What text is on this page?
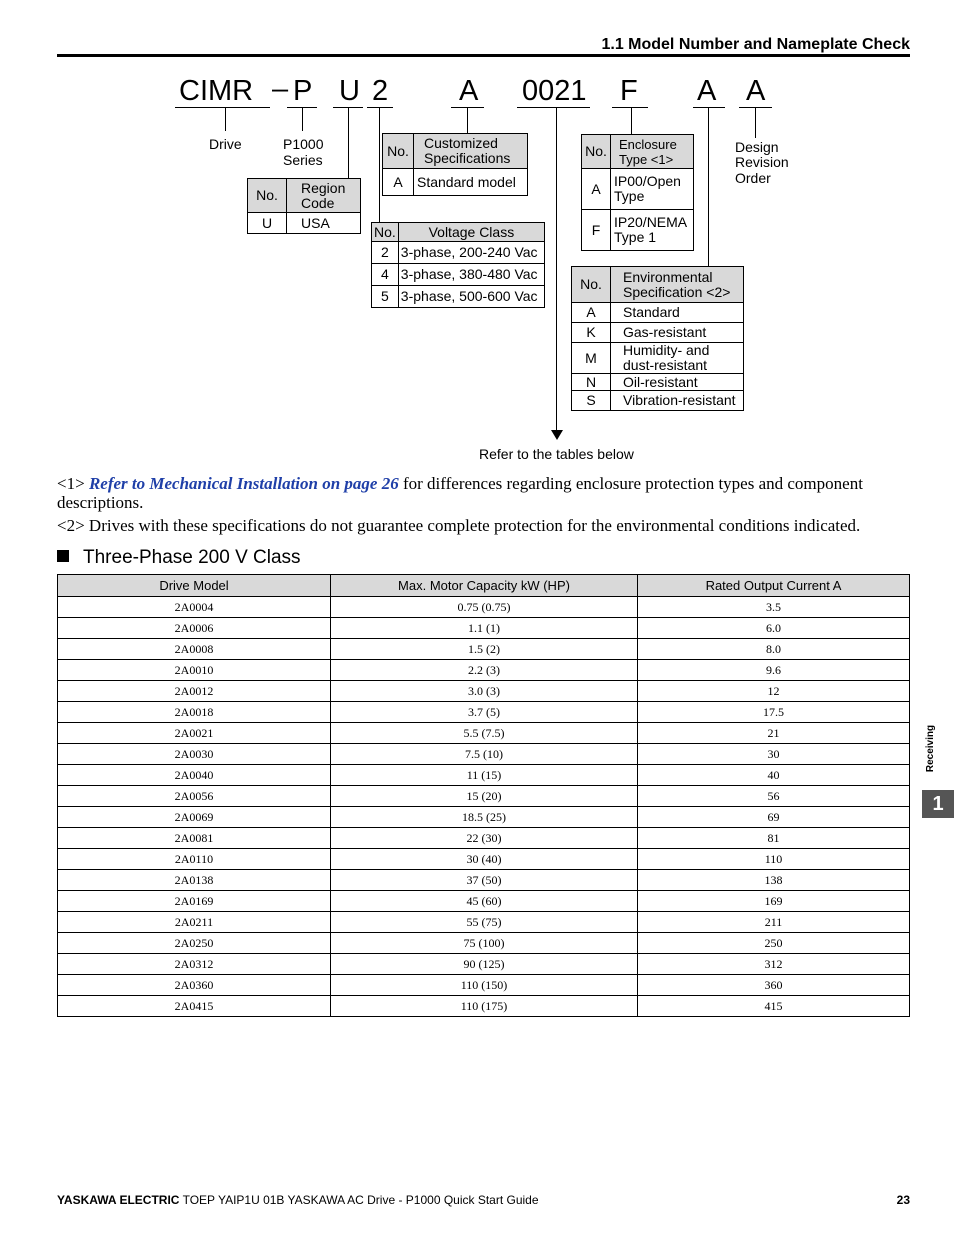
1.1 Model Number and Nameplate Check
CIMR – P U 2 A 0021 F A A
Drive	P1000
Series
Design
Revision
Order
Refer to the tables below
No.	Region Code
U	USA
No.	Voltage Class
2	3-phase, 200-240 Vac
4	3-phase, 380-480 Vac
5	3-phase, 500-600 Vac
No.	Customized Specifications
A	Standard model
No.	Enclosure Type <1>
A	IP00/Open Type
F	IP20/NEMA Type 1
No.	Environmental Specification <2>
A	Standard
K	Gas-resistant
M	Humidity- and dust-resistant
N	Oil-resistant
S	Vibration-resistant
<1> Refer to Mechanical Installation on page 26 for differences regarding enclosure protection types and component descriptions.
<2> Drives with these specifications do not guarantee complete protection for the environmental conditions indicated.
Three-Phase 200 V Class
Drive Model	Max. Motor Capacity kW (HP)	Rated Output Current A
2A0004	0.75 (0.75)	3.5
2A0006	1.1 (1)	6.0
2A0008	1.5 (2)	8.0
2A0010	2.2 (3)	9.6
2A0012	3.0 (3)	12
2A0018	3.7 (5)	17.5
2A0021	5.5 (7.5)	21
2A0030	7.5 (10)	30
2A0040	11 (15)	40
2A0056	15 (20)	56
2A0069	18.5 (25)	69
2A0081	22 (30)	81
2A0110	30 (40)	110
2A0138	37 (50)	138
2A0169	45 (60)	169
2A0211	55 (75)	211
2A0250	75 (100)	250
2A0312	90 (125)	312
2A0360	110 (150)	360
2A0415	110 (175)	415
Receiving
1
YASKAWA ELECTRIC TOEP YAIP1U 01B YASKAWA AC Drive - P1000 Quick Start Guide	23
